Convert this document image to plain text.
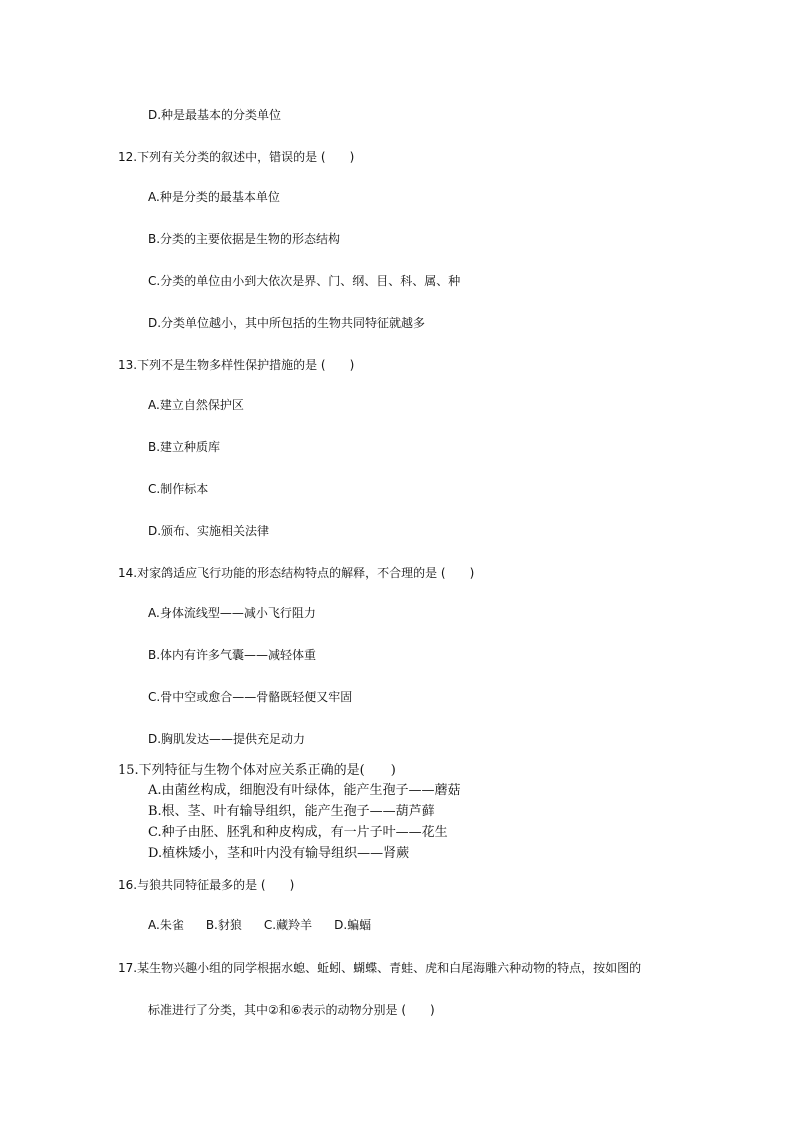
D.种是最基本的分类单位
12.下列有关分类的叙述中，错误的是 (　　)
A.种是分类的最基本单位
B.分类的主要依据是生物的形态结构
C.分类的单位由小到大依次是界、门、纲、目、科、属、种
D.分类单位越小，其中所包括的生物共同特征就越多
13.下列不是生物多样性保护措施的是 (　　)
A.建立自然保护区
B.建立种质库
C.制作标本
D.颁布、实施相关法律
14.对家鸽适应飞行功能的形态结构特点的解释，不合理的是 (　　)
A.身体流线型——减小飞行阻力
B.体内有许多气囊——减轻体重
C.骨中空或愈合——骨骼既轻便又牢固
D.胸肌发达——提供充足动力
15.下列特征与生物个体对应关系正确的是(　　)
A.由菌丝构成，细胞没有叶绿体，能产生孢子——蘑菇
B.根、茎、叶有输导组织，能产生孢子——葫芦藓
C.种子由胚、胚乳和种皮构成，有一片子叶——花生
D.植株矮小，茎和叶内没有输导组织——肾蕨
16.与狼共同特征最多的是 (　　)
A.朱雀 B.豺狼 C.藏羚羊 D.蝙蝠
17.某生物兴趣小组的同学根据水螅、蚯蚓、蝴蝶、青蛙、虎和白尾海雕六种动物的特点，按如图的
标准进行了分类，其中②和⑥表示的动物分别是 (　　)
